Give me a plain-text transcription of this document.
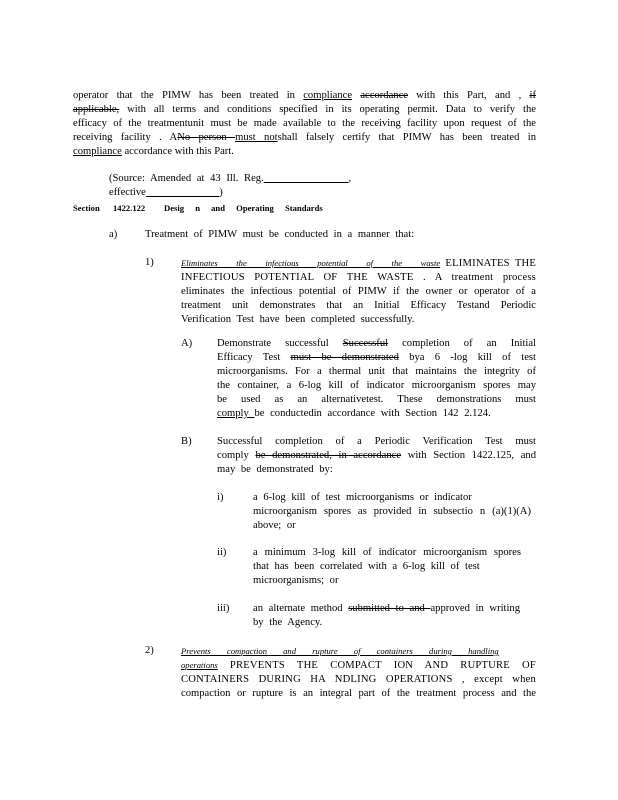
operator that the PIMW has been treated in compliance accordance with this Part, and , if
applicable, with all terms and conditions specified in its operating permit. Data to verify the
efficacy of the treatmentunit must be made available to the receiving facility upon request of the
receiving facility . ANo person must notshall falsely certify that PIMW has been treated in
compliance accordance with this Part.
(Source: Amended at 43 Ill. Reg.	, effective	)
Section 1422.122 Desig n and Operating Standards
a)	Treatment of PIMW must be conducted in a manner that:
1)	Eliminates the infectious potential of the waste ELIMINATES THE
INFECTIOUS POTENTIAL OF THE WASTE . A treatment process
eliminates the infectious potential of PIMW if the owner or operator of a
treatment unit demonstrates that an Initial Efficacy Testand Periodic
Verification Test have been completed successfully.
A) Demonstrate successful Successful completion of an Initial
Efficacy Test must be demonstrated bya 6 -log kill of test
microorganisms. For a thermal unit that maintains the integrity of
the container, a 6-log kill of indicator microorganism spores may
be used as an alternativetest. These demonstrations must
comply be conductedin accordance with Section 142 2.124.
B) Successful completion of a Periodic Verification Test must
comply be demonstrated, in accordance with Section 1422.125, and
may be demonstrated by:
i)	a 6-log kill of test microorganisms or indicator
microorganism spores as provided in subsectio n (a)(1)(A)
above; or
ii)	a minimum 3-log kill of indicator microorganism spores
that has been correlated with a 6-log kill of test
microorganisms; or
iii) an alternate method submitted to and approved in writing
by the Agency.
2)	Prevents compaction and rupture of containers during handling
operations PREVENTS THE COMPACT ION AND RUPTURE OF
CONTAINERS DURING HA NDLING OPERATIONS , except when
compaction or rupture is an integral part of the treatment process and the
